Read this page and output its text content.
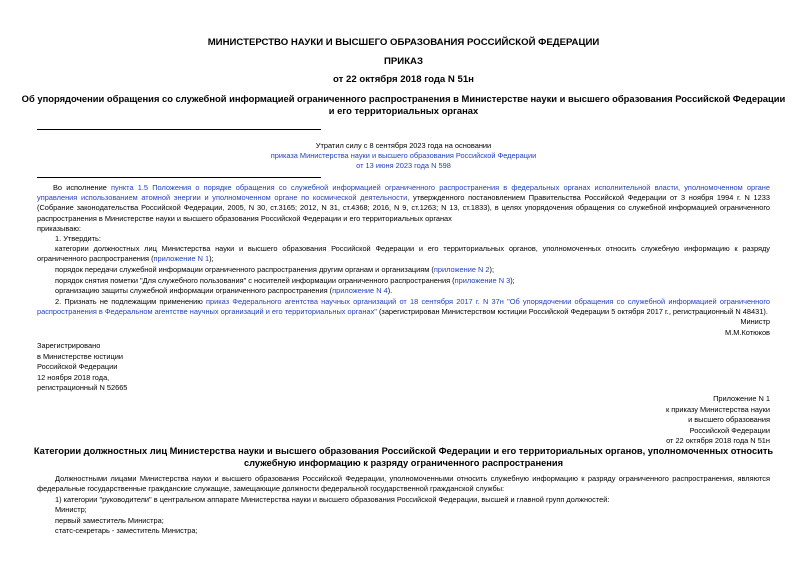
МИНИСТЕРСТВО НАУКИ И ВЫСШЕГО ОБРАЗОВАНИЯ РОССИЙСКОЙ ФЕДЕРАЦИИ
ПРИКАЗ
от 22 октября 2018 года N 51н
Об упорядочении обращения со служебной информацией ограниченного распространения в Министерстве науки и высшего образования Российской Федерации
и его территориальных органах
Утратил силу с 8 сентября 2023 года на основании
приказа Министерства науки и высшего образования Российской Федерации
от 13 июня 2023 года N 598
Во исполнение пункта 1.5 Положения о порядке обращения со служебной информацией ограниченного распространения в федеральных органах исполнительной власти, уполномоченном органе управления использованием атомной энергии и уполномоченном органе по космической деятельности, утвержденного постановлением Правительства Российской Федерации от 3 ноября 1994 г. N 1233 (Собрание законодательства Российской Федерации, 2005, N 30, ст.3165; 2012, N 31, ст.4368; 2016, N 9, ст.1263; N 13, ст.1833), в целях упорядочения обращения со служебной информацией ограниченного распространения в Министерстве науки и высшего образования Российской Федерации и его территориальных органах
приказываю:
1. Утвердить:
категории должностных лиц Министерства науки и высшего образования Российской Федерации и его территориальных органов, уполномоченных относить служебную информацию к разряду ограниченного распространения (приложение N 1);
порядок передачи служебной информации ограниченного распространения другим органам и организациям (приложение N 2);
порядок снятия пометки "Для служебного пользования" с носителей информации ограниченного распространения (приложение N 3);
организацию защиты служебной информации ограниченного распространения (приложение N 4).
2. Признать не подлежащим применению приказ Федерального агентства научных организаций от 18 сентября 2017 г. N 37н "Об упорядочении обращения со служебной информацией ограниченного распространения в Федеральном агентстве научных организаций и его территориальных органах" (зарегистрирован Министерством юстиции Российской Федерации 5 октября 2017 г., регистрационный N 48431).
Министр
М.М.Котюков
Зарегистрировано
в Министерстве юстиции
Российской Федерации
12 ноября 2018 года,
регистрационный N 52665
Приложение N 1
к приказу Министерства науки
и высшего образования
Российской Федерации
от 22 октября 2018 года N 51н
Категории должностных лиц Министерства науки и высшего образования Российской Федерации и его территориальных органов, уполномоченных относить
служебную информацию к разряду ограниченного распространения
Должностными лицами Министерства науки и высшего образования Российской Федерации, уполномоченными относить служебную информацию к разряду ограниченного распространения, являются федеральные государственные гражданские служащие, замещающие должности федеральной государственной гражданской службы:
1) категории "руководители" в центральном аппарате Министерства науки и высшего образования Российской Федерации, высшей и главной групп должностей:
Министр;
первый заместитель Министра;
статс-секретарь - заместитель Министра;
